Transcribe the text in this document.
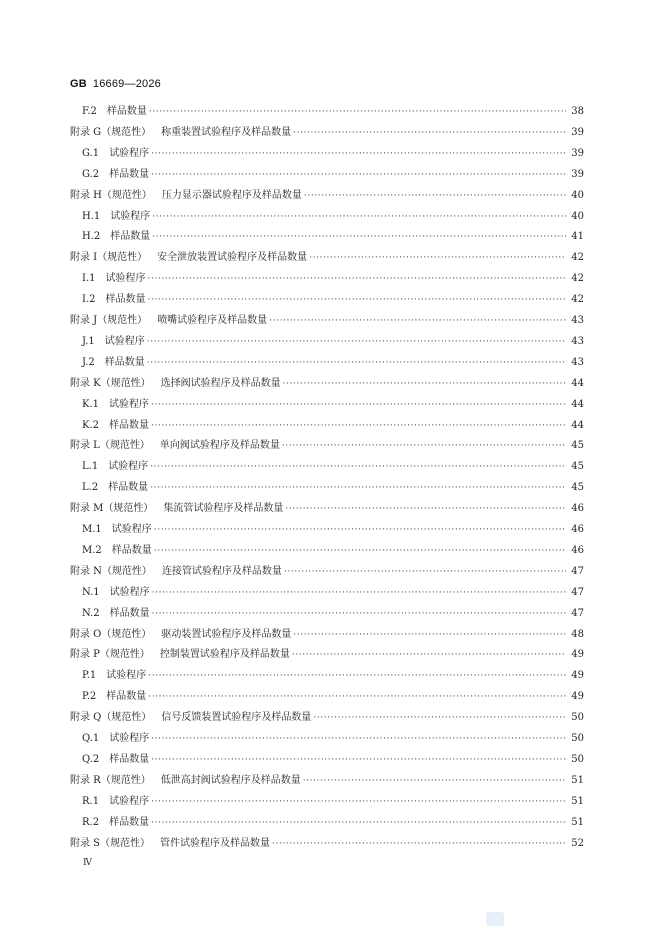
GB 16669—2026
F.2 样品数量 ·····	38
附录 G （规范性） 称重装置试验程序及样品数量 ·····	39
G.1 试验程序 ·····	39
G.2 样品数量 ·····	39
附录 H （规范性） 压力显示器试验程序及样品数量 ·····	40
H.1 试验程序 ·····	40
H.2 样品数量 ·····	41
附录 I （规范性） 安全泄放装置试验程序及样品数量 ·····	42
I.1 试验程序 ·····	42
I.2 样品数量 ·····	42
附录 J （规范性） 喷嘴试验程序及样品数量 ·····	43
J.1 试验程序 ·····	43
J.2 样品数量 ·····	43
附录 K （规范性） 选择阀试验程序及样品数量 ·····	44
K.1 试验程序 ·····	44
K.2 样品数量 ·····	44
附录 L （规范性） 单向阀试验程序及样品数量 ·····	45
L.1 试验程序 ·····	45
L.2 样品数量 ·····	45
附录 M （规范性） 集流管试验程序及样品数量 ·····	46
M.1 试验程序 ·····	46
M.2 样品数量 ·····	46
附录 N （规范性） 连接管试验程序及样品数量 ·····	47
N.1 试验程序 ·····	47
N.2 样品数量 ·····	47
附录 O （规范性） 驱动装置试验程序及样品数量 ·····	48
附录 P （规范性） 控制装置试验程序及样品数量 ·····	49
P.1 试验程序 ·····	49
P.2 样品数量 ·····	49
附录 Q （规范性） 信号反馈装置试验程序及样品数量 ·····	50
Q.1 试验程序 ·····	50
Q.2 样品数量 ·····	50
附录 R （规范性） 低泄高封阀试验程序及样品数量 ·····	51
R.1 试验程序 ·····	51
R.2 样品数量 ·····	51
附录 S （规范性） 管件试验程序及样品数量 ·····	52
Ⅳ
